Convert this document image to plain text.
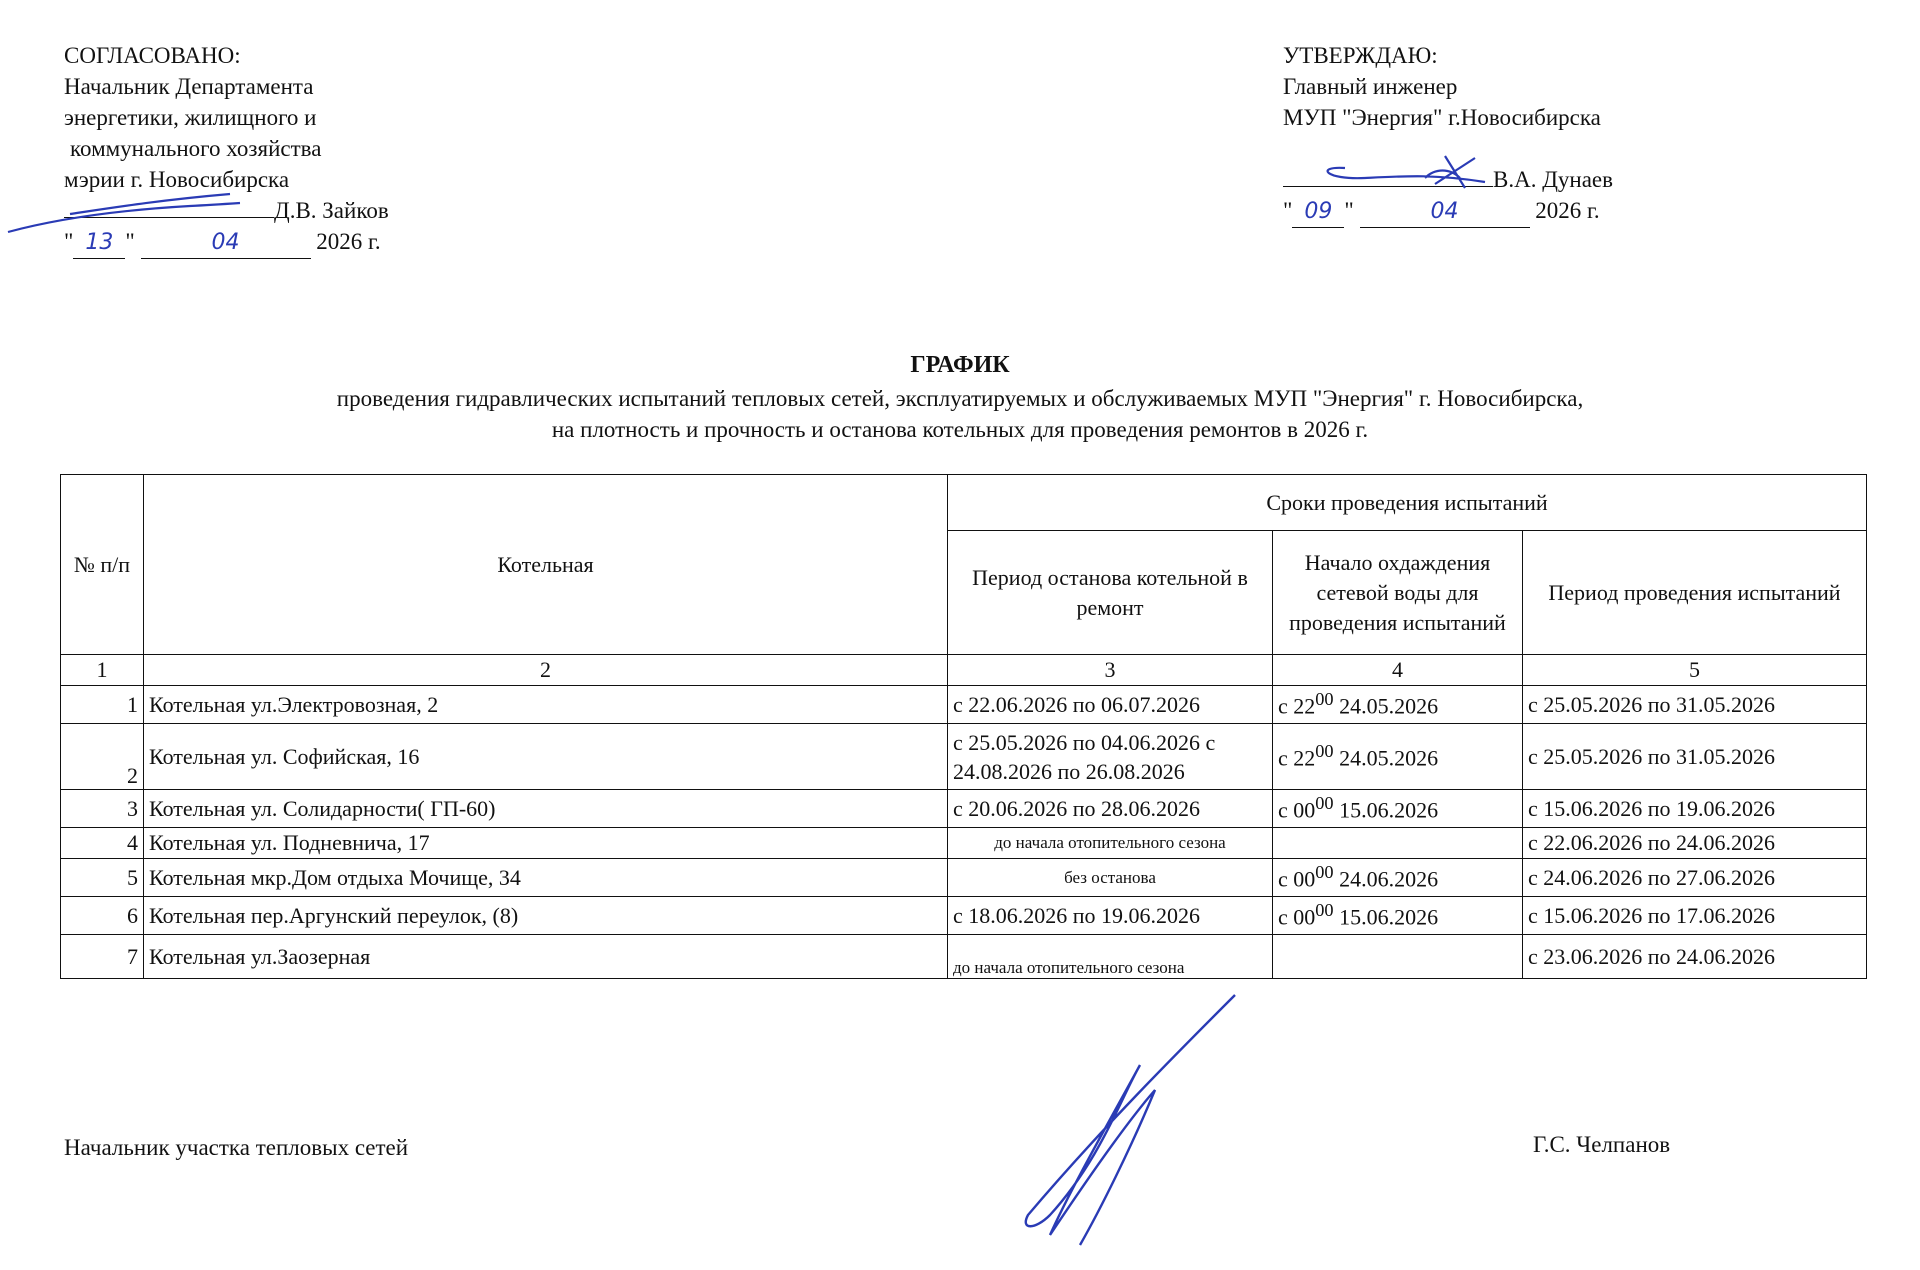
СОГЛАСОВАНО:
Начальник Департамента
энергетики, жилищного и
коммунального хозяйства
мэрии г. Новосибирска
Д.В. Зайков
" 13 "	04	2026 г.
УТВЕРЖДАЮ:
Главный инженер
МУП "Энергия" г.Новосибирска
В.А. Дунаев
" 09 "	04	2026 г.
ГРАФИК
проведения гидравлических испытаний тепловых сетей, эксплуатируемых и обслуживаемых МУП "Энергия" г. Новосибирска,
на плотность и прочность и останова котельных для проведения ремонтов в 2026 г.
№ п/п	Котельная	Сроки проведения испытаний		
		Период останова котельной в ремонт	Начало охдаждения сетевой воды для проведения испытаний	Период проведения испытаний
1	2	3	4	5
1	Котельная ул.Электровозная, 2	с 22.06.2026 по 06.07.2026	с $22^{00}$ 24.05.2026	с 25.05.2026 по 31.05.2026
2	Котельная ул. Софийская, 16	с 25.05.2026 по 04.06.2026 с 24.08.2026 по 26.08.2026	с $22^{00}$ 24.05.2026	с 25.05.2026 по 31.05.2026
3	Котельная ул. Солидарности( ГП-60)	с 20.06.2026 по 28.06.2026	с $00^{00}$ 15.06.2026	с 15.06.2026 по 19.06.2026
4	Котельная ул. Подневнича, 17	до начала отопительного сезона		с 22.06.2026 по 24.06.2026
5	Котельная мкр.Дом отдыха Мочище, 34	без останова	с $00^{00}$ 24.06.2026	с 24.06.2026 по 27.06.2026
6	Котельная пер.Аргунский переулок, (8)	с 18.06.2026 по 19.06.2026	с $00^{00}$ 15.06.2026	с 15.06.2026 по 17.06.2026
7	Котельная ул.Заозерная	до начала отопительного сезона		с 23.06.2026 по 24.06.2026
Начальник участка тепловых сетей	Г.С. Челпанов
